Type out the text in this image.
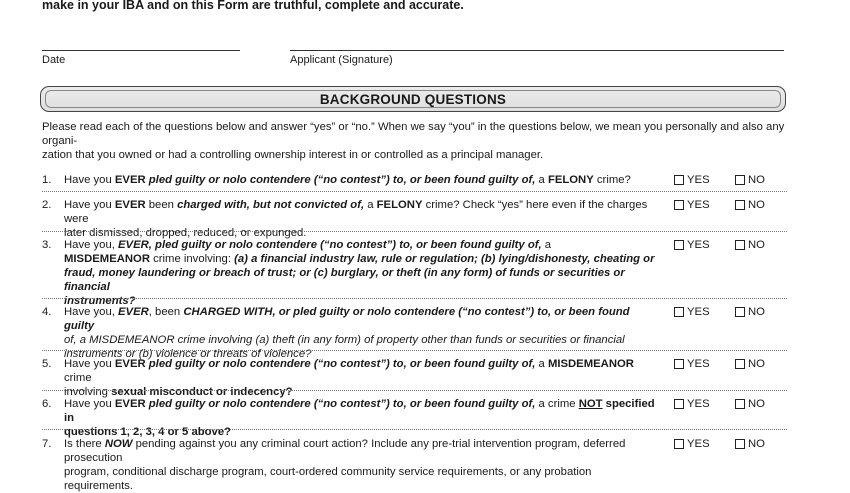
make in your IBA and on this Form are truthful, complete and accurate.
Date	Applicant (Signature)
BACKGROUND QUESTIONS
Please read each of the questions below and answer “yes” or “no.” When we say “you” in the questions below, we mean you personally and also any organi-
zation that you owned or had a controlling ownership interest in or controlled as a principal manager.
1.	Have you EVER pled guilty or nolo contendere (“no contest”) to, or been found guilty of, a FELONY crime?	YES	NO
2.	Have you EVER been charged with, but not convicted of, a FELONY crime? Check “yes” here even if the charges were
later dismissed, dropped, reduced, or expunged.
YES	NO
3.	Have you, EVER, pled guilty or nolo contendere (“no contest”) to, or been found guilty of, a
MISDEMEANOR crime involving: (a) a financial industry law, rule or regulation; (b) lying/dishonesty, cheating or
fraud, money laundering or breach of trust; or (c) burglary, or theft (in any form) of funds or securities or financial
instruments?
YES	NO
4.	Have you, EVER, been CHARGED WITH, or pled guilty or nolo contendere (“no contest”) to, or been found guilty
of, a MISDEMEANOR crime involving (a) theft (in any form) of property other than funds or securities or financial
instruments or (b) violence or threats of violence?
YES	NO
5.	Have you EVER pled guilty or nolo contendere (“no contest”) to, or been found guilty of, a MISDEMEANOR crime
involving sexual misconduct or indecency?
YES	NO
6.	Have you EVER pled guilty or nolo contendere (“no contest”) to, or been found guilty of, a crime NOT specified in
questions 1, 2, 3, 4 or 5 above?
YES	NO
7.	Is there NOW pending against you any criminal court action? Include any pre-trial intervention program, deferred prosecution
program, conditional discharge program, court-ordered community service requirements, or any probation requirements.
YES	NO
